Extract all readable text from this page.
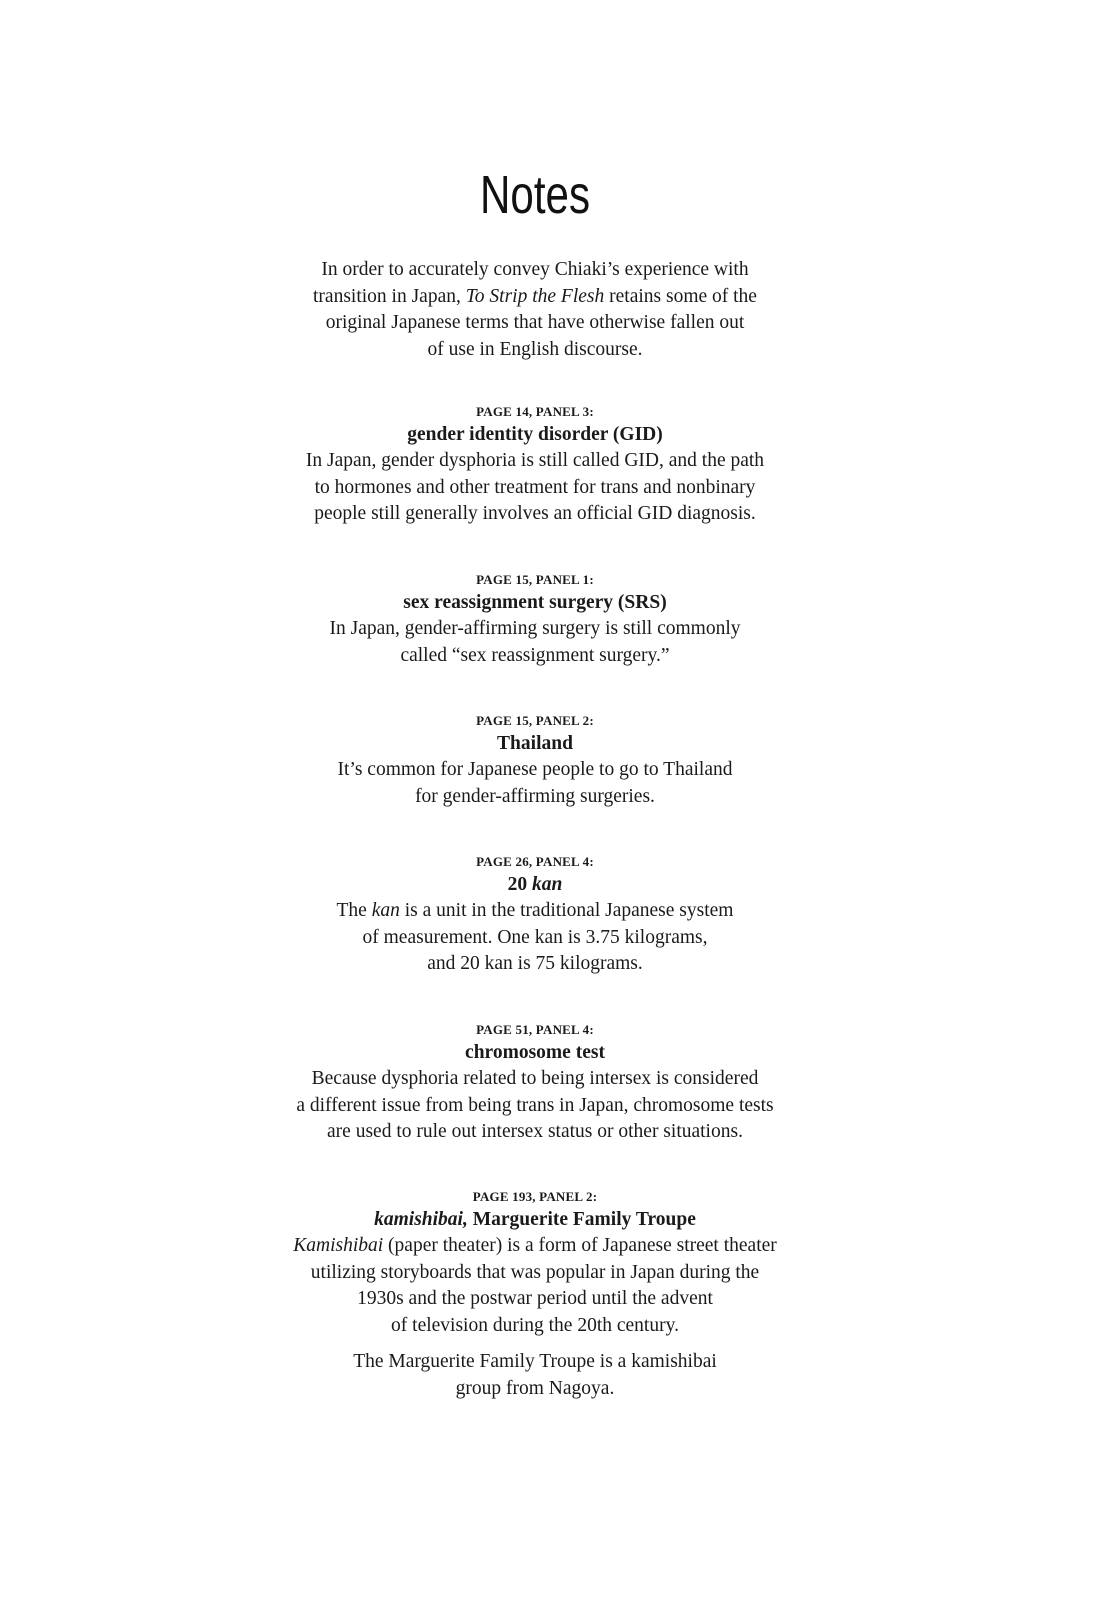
Notes
In order to accurately convey Chiaki’s experience with
transition in Japan, To Strip the Flesh retains some of the
original Japanese terms that have otherwise fallen out
of use in English discourse.
PAGE 14, PANEL 3:
gender identity disorder (GID)
In Japan, gender dysphoria is still called GID, and the path
to hormones and other treatment for trans and nonbinary
people still generally involves an official GID diagnosis.
PAGE 15, PANEL 1:
sex reassignment surgery (SRS)
In Japan, gender-affirming surgery is still commonly
called “sex reassignment surgery.”
PAGE 15, PANEL 2:
Thailand
It’s common for Japanese people to go to Thailand
for gender-affirming surgeries.
PAGE 26, PANEL 4:
20 kan
The kan is a unit in the traditional Japanese system
of measurement. One kan is 3.75 kilograms,
and 20 kan is 75 kilograms.
PAGE 51, PANEL 4:
chromosome test
Because dysphoria related to being intersex is considered
a different issue from being trans in Japan, chromosome tests
are used to rule out intersex status or other situations.
PAGE 193, PANEL 2:
kamishibai, Marguerite Family Troupe
Kamishibai (paper theater) is a form of Japanese street theater
utilizing storyboards that was popular in Japan during the
1930s and the postwar period until the advent
of television during the 20th century.
The Marguerite Family Troupe is a kamishibai
group from Nagoya.
